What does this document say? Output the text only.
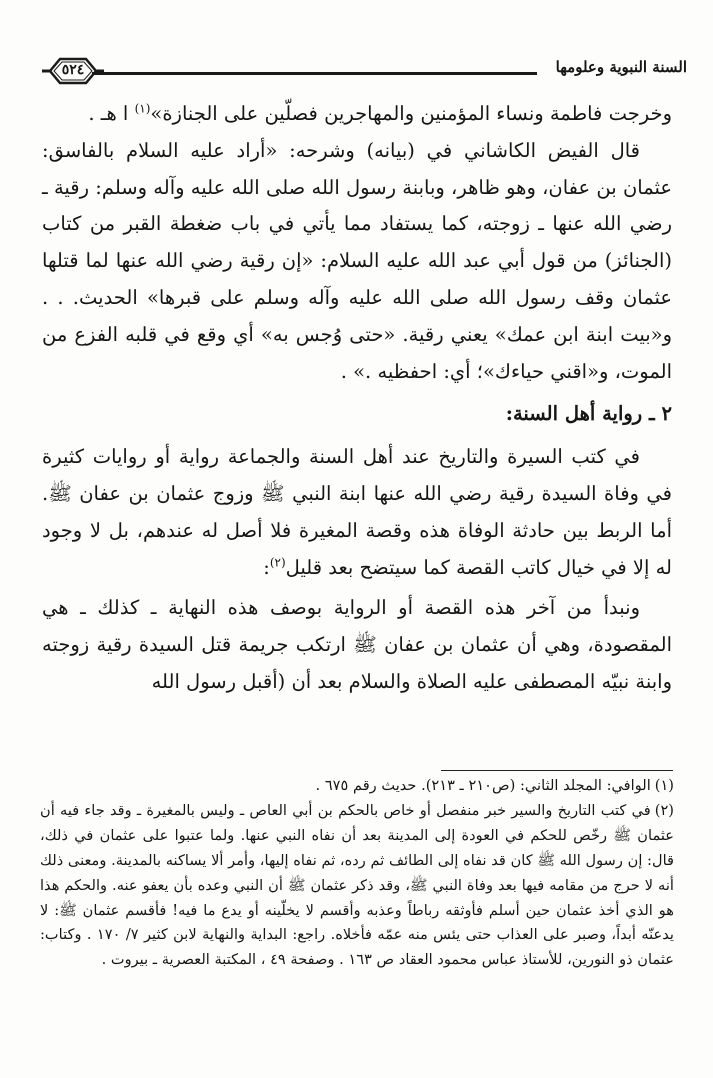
السنة النبوية وعلومها
٥٢٤

وخرجت فاطمة ونساء المؤمنين والمهاجرين فصلّين على الجنازة»$^{(١)}$ ا هـ .

قال الفيض الكاشاني في (بيانه) وشرحه: «أراد عليه السلام بالفاسق: عثمان بن عفان، وهو ظاهر، وبابنة رسول الله صلى الله عليه وآله وسلم: رقية ـ رضي الله عنها ـ زوجته، كما يستفاد مما يأتي في باب ضغطة القبر من كتاب (الجنائز) من قول أبي عبد الله عليه السلام: «إن رقية رضي الله عنها لما قتلها عثمان وقف رسول الله صلى الله عليه وآله وسلم على قبرها» الحديث. . . و«بيت ابنة ابن عمك» يعني رقية. «حتى وُجس به» أي وقع في قلبه الفزع من الموت، و«اقني حياءك»؛ أي: احفظيه .» .

٢ ـ رواية أهل السنة:

في كتب السيرة والتاريخ عند أهل السنة والجماعة رواية أو روايات كثيرة في وفاة السيدة رقية رضي الله عنها ابنة النبي ﷺ وزوج عثمان بن عفان ﷺ. أما الربط بين حادثة الوفاة هذه وقصة المغيرة فلا أصل له عندهم، بل لا وجود له إلا في خيال كاتب القصة كما سيتضح بعد قليل$^{(٢)}$:

ونبدأ من آخر هذه القصة أو الرواية بوصف هذه النهاية ـ كذلك ـ هي المقصودة، وهي أن عثمان بن عفان ﷺ ارتكب جريمة قتل السيدة رقية زوجته وابنة نبيّه المصطفى عليه الصلاة والسلام بعد أن (أقبل رسول الله

(١)الوافي: المجلد الثاني: (ص٢١٠ ـ ٢١٣). حديث رقم ٦٧٥ .

(٢)في كتب التاريخ والسير خبر منفصل أو خاص بالحكم بن أبي العاص ـ وليس بالمغيرة ـ وقد جاء فيه أن عثمان ﷺ رخّص للحكم في العودة إلى المدينة بعد أن نفاه النبي عنها. ولما عتبوا على عثمان في ذلك، قال: إن رسول الله ﷺ كان قد نفاه إلى الطائف ثم رده، ثم نفاه إليها، وأمر ألا يساكنه بالمدينة. ومعنى ذلك أنه لا حرج من مقامه فيها بعد وفاة النبي ﷺ، وقد ذكر عثمان ﷺ أن النبي وعده بأن يعفو عنه. والحكم هذا هو الذي أخذ عثمان حين أسلم فأوثقه رباطاً وعذبه وأقسم لا يخلّينه أو يدع ما فيه! فأقسم عثمان ﷺ: لا يدعنّه أبداً، وصبر على العذاب حتى يئس منه عمّه فأخلاه. راجع: البداية والنهاية لابن كثير ٧/ ١٧٠ . وكتاب: عثمان ذو النورين، للأستاذ عباس محمود العقاد ص ١٦٣ . وصفحة ٤٩ ، المكتبة العصرية ـ بيروت .
